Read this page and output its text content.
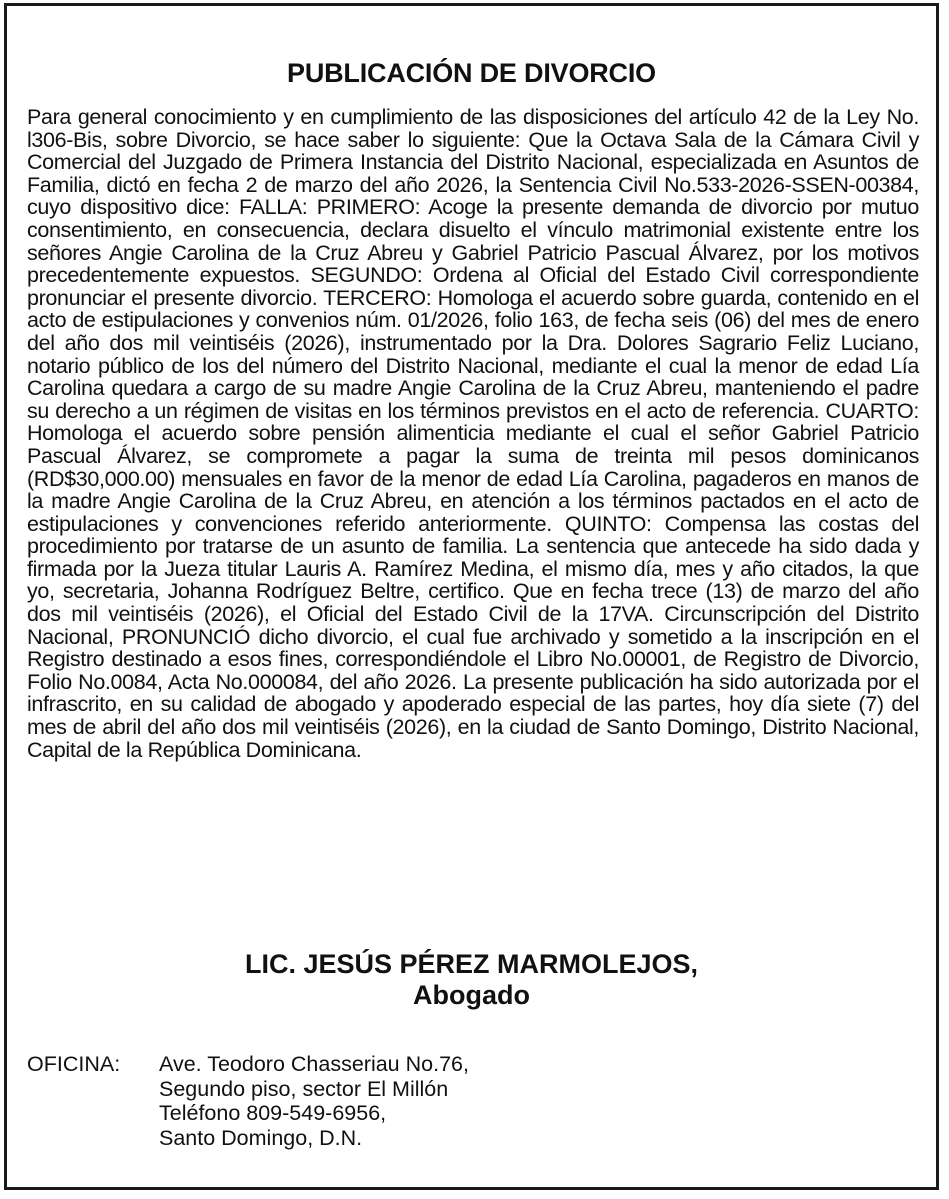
PUBLICACIÓN DE DIVORCIO
Para general conocimiento y en cumplimiento de las disposiciones del artículo 42 de la Ley No. l306-Bis, sobre Divorcio, se hace saber lo siguiente: Que la Octava Sala de la Cámara Civil y Comercial del Juzgado de Primera Instancia del Distrito Nacional, especializada en Asuntos de Familia, dictó en fecha 2 de marzo del año 2026, la Sentencia Civil No.533-2026-SSEN-00384, cuyo dispositivo dice: FALLA: PRIMERO: Acoge la presente demanda de divorcio por mutuo consentimiento, en consecuencia, declara disuelto el vínculo matrimonial existente entre los señores Angie Carolina de la Cruz Abreu y Gabriel Patricio Pascual Álvarez, por los motivos precedentemente expuestos. SEGUNDO: Ordena al Oficial del Estado Civil correspondiente pronunciar el presente divorcio. TERCERO: Homologa el acuerdo sobre guarda, contenido en el acto de estipulaciones y convenios núm. 01/2026, folio 163, de fecha seis (06) del mes de enero del año dos mil veintiséis (2026), instrumentado por la Dra. Dolores Sagrario Feliz Luciano, notario público de los del número del Distrito Nacional, mediante el cual la menor de edad Lía Carolina quedara a cargo de su madre Angie Carolina de la Cruz Abreu, manteniendo el padre su derecho a un régimen de visitas en los términos previstos en el acto de referencia. CUARTO: Homologa el acuerdo sobre pensión alimenticia mediante el cual el señor Gabriel Patricio Pascual Álvarez, se compromete a pagar la suma de treinta mil pesos dominicanos (RD$30,000.00) mensuales en favor de la menor de edad Lía Carolina, pagaderos en manos de la madre Angie Carolina de la Cruz Abreu, en atención a los términos pactados en el acto de estipulaciones y convenciones referido anteriormente. QUINTO: Compensa las costas del procedimiento por tratarse de un asunto de familia. La sentencia que antecede ha sido dada y firmada por la Jueza titular Lauris A. Ramírez Medina, el mismo día, mes y año citados, la que yo, secretaria, Johanna Rodríguez Beltre, certifico. Que en fecha trece (13) de marzo del año dos mil veintiséis (2026), el Oficial del Estado Civil de la 17VA. Circunscripción del Distrito Nacional, PRONUNCIÓ dicho divorcio, el cual fue archivado y sometido a la inscripción en el Registro destinado a esos fines, correspondiéndole el Libro No.00001, de Registro de Divorcio, Folio No.0084, Acta No.000084, del año 2026. La presente publicación ha sido autorizada por el infrascrito, en su calidad de abogado y apoderado especial de las partes, hoy día siete (7) del mes de abril del año dos mil veintiséis (2026), en la ciudad de Santo Domingo, Distrito Nacional, Capital de la República Dominicana.
LIC. JESÚS PÉREZ MARMOLEJOS,
Abogado
OFICINA:	Ave. Teodoro Chasseriau No.76,
Segundo piso, sector El Millón
Teléfono 809-549-6956,
Santo Domingo, D.N.
